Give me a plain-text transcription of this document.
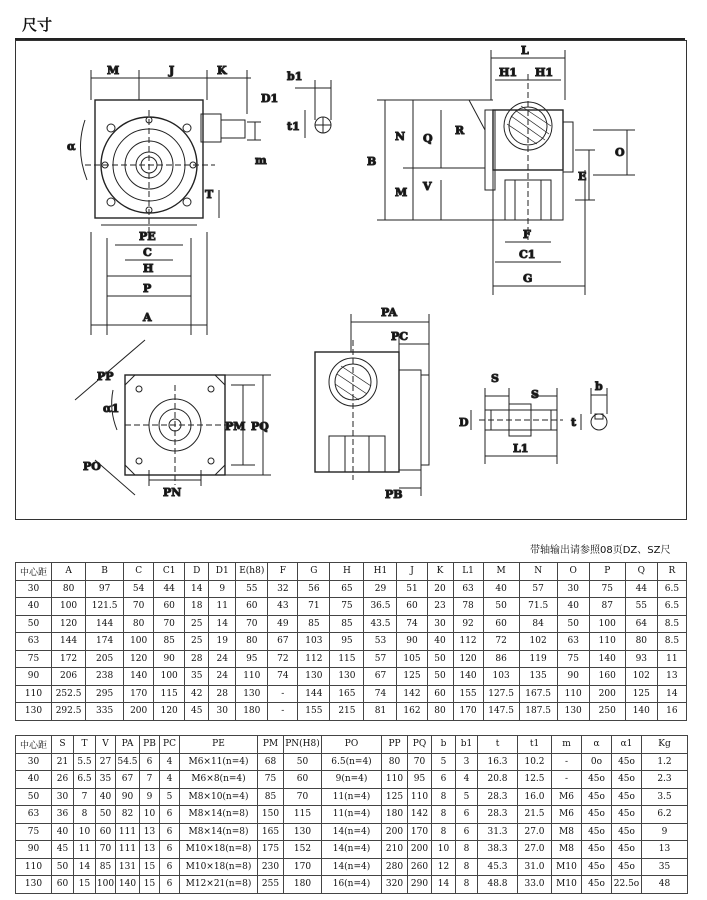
尺寸
M	J	K
D1
m
α
T
PE
C
H
P
A
b1
t1
B
N Q
R
M V
L
H1 H1
O
E
F
C1
G
PP
α1
PM PQ
PO
PN
PA
PC
PB
S
S
D
L1
b
t
带轴输出请参照08页DZ、SZ尺
中心距	A	B	C	C1	D	D1	E(h8)	F	G	H	H1	J	K	L1	M	N	O	P	Q	R
30	80	97	54	44	14	9	55	32	56	65	29	51	20	63	40	57	30	75	44	6.5
40	100	121.5	70	60	18	11	60	43	71	75	36.5	60	23	78	50	71.5	40	87	55	6.5
50	120	144	80	70	25	14	70	49	85	85	43.5	74	30	92	60	84	50	100	64	8.5
63	144	174	100	85	25	19	80	67	103	95	53	90	40	112	72	102	63	110	80	8.5
75	172	205	120	90	28	24	95	72	112	115	57	105	50	120	86	119	75	140	93	11
90	206	238	140	100	35	24	110	74	130	130	67	125	50	140	103	135	90	160	102	13
110	252.5	295	170	115	42	28	130	-	144	165	74	142	60	155	127.5	167.5	110	200	125	14
130	292.5	335	200	120	45	30	180	-	155	215	81	162	80	170	147.5	187.5	130	250	140	16
中心距	S	T	V	PA	PB	PC	PE	PM	PN(H8)	PO	PP	PQ	b	b1	t	t1	m	α	α1	Kg
30	21	5.5	27	54.5	6	4	M6×11(n=4)	68	50	6.5(n=4)	80	70	5	3	16.3	10.2	-	0o	45o	1.2
40	26	6.5	35	67	7	4	M6×8(n=4)	75	60	9(n=4)	110	95	6	4	20.8	12.5	-	45o	45o	2.3
50	30	7	40	90	9	5	M8×10(n=4)	85	70	11(n=4)	125	110	8	5	28.3	16.0	M6	45o	45o	3.5
63	36	8	50	82	10	6	M8×14(n=8)	150	115	11(n=4)	180	142	8	6	28.3	21.5	M6	45o	45o	6.2
75	40	10	60	111	13	6	M8×14(n=8)	165	130	14(n=4)	200	170	8	6	31.3	27.0	M8	45o	45o	9
90	45	11	70	111	13	6	M10×18(n=8)	175	152	14(n=4)	210	200	10	8	38.3	27.0	M8	45o	45o	13
110	50	14	85	131	15	6	M10×18(n=8)	230	170	14(n=4)	280	260	12	8	45.3	31.0	M10	45o	45o	35
130	60	15	100	140	15	6	M12×21(n=8)	255	180	16(n=4)	320	290	14	8	48.8	33.0	M10	45o	22.5o	48
